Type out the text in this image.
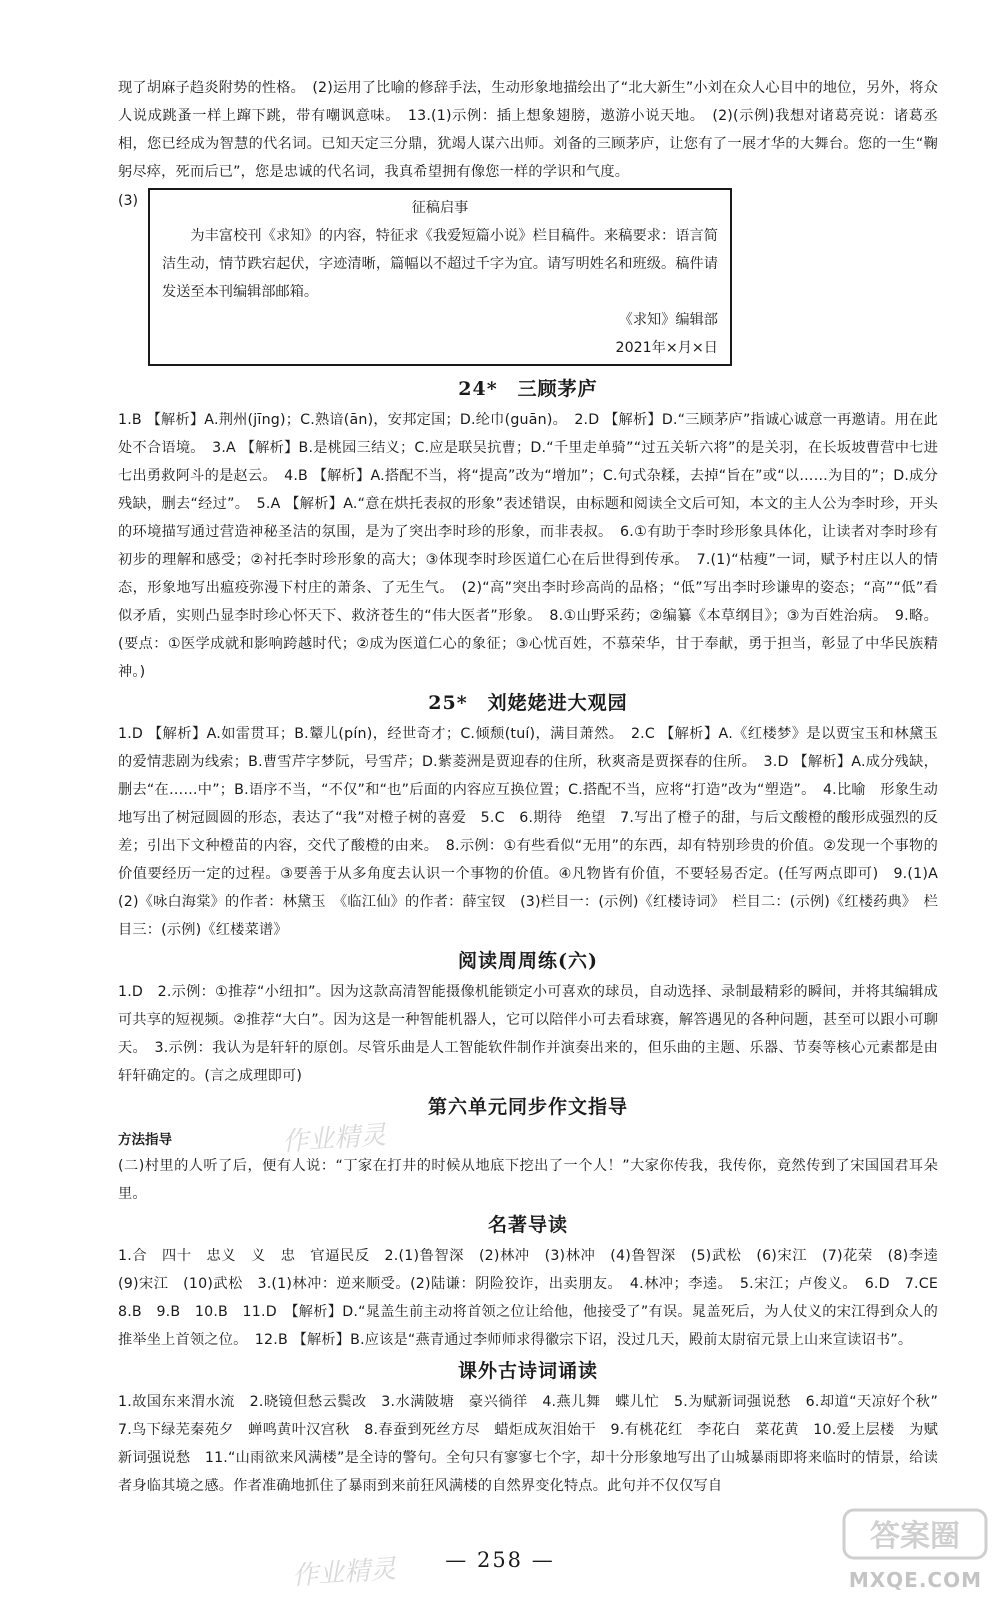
现了胡麻子趋炎附势的性格。　(2)运用了比喻的修辞手法，生动形象地描绘出了“北大新生”小刘在众人心目中的地位，另外，将众人说成跳蚤一样上蹿下跳，带有嘲讽意味。　13.(1)示例：插上想象翅膀，遨游小说天地。　(2)(示例)我想对诸葛亮说：诸葛丞相，您已经成为智慧的代名词。已知天定三分鼎，犹竭人谋六出师。刘备的三顾茅庐，让您有了一展才华的大舞台。您的一生“鞠躬尽瘁，死而后已”，您是忠诚的代名词，我真希望拥有像您一样的学识和气度。

(3)	征稿启事

为丰富校刊《求知》的内容，特征求《我爱短篇小说》栏目稿件。来稿要求：语言简洁生动，情节跌宕起伏，字迹清晰，篇幅以不超过千字为宜。请写明姓名和班级。稿件请发送至本刊编辑部邮箱。

《求知》编辑部

2021年×月×日

24*　三顾茅庐

1.B 【解析】A.荆州(jīng)；C.熟谙(ān)，安邦定国；D.纶巾(guān)。　2.D 【解析】D.“三顾茅庐”指诚心诚意一再邀请。用在此处不合语境。　3.A 【解析】B.是桃园三结义；C.应是联吴抗曹；D.“千里走单骑”“过五关斩六将”的是关羽，在长坂坡曹营中七进七出勇救阿斗的是赵云。　4.B 【解析】A.搭配不当，将“提高”改为“增加”；C.句式杂糅，去掉“旨在”或“以……为目的”；D.成分残缺，删去“经过”。　5.A 【解析】A.“意在烘托表叔的形象”表述错误，由标题和阅读全文后可知，本文的主人公为李时珍，开头的环境描写通过营造神秘圣洁的氛围，是为了突出李时珍的形象，而非表叔。　6.①有助于李时珍形象具体化，让读者对李时珍有初步的理解和感受；②衬托李时珍形象的高大；③体现李时珍医道仁心在后世得到传承。　7.(1)“枯瘦”一词，赋予村庄以人的情态，形象地写出瘟疫弥漫下村庄的萧条、了无生气。　(2)“高”突出李时珍高尚的品格；“低”写出李时珍谦卑的姿态；“高”“低”看似矛盾，实则凸显李时珍心怀天下、救济苍生的“伟大医者”形象。　8.①山野采药；②编纂《本草纲目》；③为百姓治病。　9.略。(要点：①医学成就和影响跨越时代；②成为医道仁心的象征；③心忧百姓，不慕荣华，甘于奉献，勇于担当，彰显了中华民族精神。)

25*　刘姥姥进大观园

1.D 【解析】A.如雷贯耳；B.颦儿(pín)，经世奇才；C.倾颓(tuí)，满目萧然。　2.C 【解析】A.《红楼梦》是以贾宝玉和林黛玉的爱情悲剧为线索；B.曹雪芹字梦阮，号雪芹；D.紫菱洲是贾迎春的住所，秋爽斋是贾探春的住所。　3.D 【解析】A.成分残缺，删去“在……中”；B.语序不当，“不仅”和“也”后面的内容应互换位置；C.搭配不当，应将“打造”改为“塑造”。　4.比喻　形象生动地写出了树冠圆圆的形态，表达了“我”对橙子树的喜爱　5.C　6.期待　绝望　7.写出了橙子的甜，与后文酸橙的酸形成强烈的反差；引出下文种橙苗的内容，交代了酸橙的由来。　8.示例：①有些看似“无用”的东西，却有特别珍贵的价值。②发现一个事物的价值要经历一定的过程。③要善于从多角度去认识一个事物的价值。④凡物皆有价值，不要轻易否定。(任写两点即可)　9.(1)A　(2)《咏白海棠》的作者：林黛玉　《临江仙》的作者：薛宝钗　(3)栏目一：(示例)《红楼诗词》　栏目二：(示例)《红楼药典》　栏目三：(示例)《红楼菜谱》

阅读周周练(六)

1.D　2.示例：①推荐“小纽扣”。因为这款高清智能摄像机能锁定小可喜欢的球员，自动选择、录制最精彩的瞬间，并将其编辑成可共享的短视频。②推荐“大白”。因为这是一种智能机器人，它可以陪伴小可去看球赛，解答遇见的各种问题，甚至可以跟小可聊天。　3.示例：我认为是轩轩的原创。尽管乐曲是人工智能软件制作并演奏出来的，但乐曲的主题、乐器、节奏等核心元素都是由轩轩确定的。(言之成理即可)

第六单元同步作文指导

方法指导

(二)村里的人听了后，便有人说：“丁家在打井的时候从地底下挖出了一个人！”大家你传我，我传你，竟然传到了宋国国君耳朵里。

名著导读

1.合　四十　忠义　义　忠　官逼民反　2.(1)鲁智深　(2)林冲　(3)林冲　(4)鲁智深　(5)武松　(6)宋江　(7)花荣　(8)李逵　(9)宋江　(10)武松　3.(1)林冲：逆来顺受。(2)陆谦：阴险狡诈，出卖朋友。　4.林冲；李逵。　5.宋江；卢俊义。　6.D　7.CE　8.B　9.B　10.B　11.D　【解析】D.“晁盖生前主动将首领之位让给他，他接受了”有误。晁盖死后，为人仗义的宋江得到众人的推举坐上首领之位。　12.B 【解析】B.应该是“燕青通过李师师求得徽宗下诏，没过几天，殿前太尉宿元景上山来宣读诏书”。

课外古诗词诵读

1.故国东来渭水流　2.晓镜但愁云鬓改　3.水满陂塘　豪兴徜徉　4.燕儿舞　蝶儿忙　5.为赋新词强说愁　6.却道“天凉好个秋”　7.鸟下绿芜秦苑夕　蝉鸣黄叶汉宫秋　8.春蚕到死丝方尽　蜡炬成灰泪始干　9.有桃花红　李花白　菜花黄　10.爱上层楼　为赋新词强说愁　11.“山雨欲来风满楼”是全诗的警句。全句只有寥寥七个字，却十分形象地写出了山城暴雨即将来临时的情景，给读者身临其境之感。作者准确地抓住了暴雨到来前狂风满楼的自然界变化特点。此句并不仅仅写自

作业精灵
作业精灵	— 258 —
答案圈
MXQE.COM
